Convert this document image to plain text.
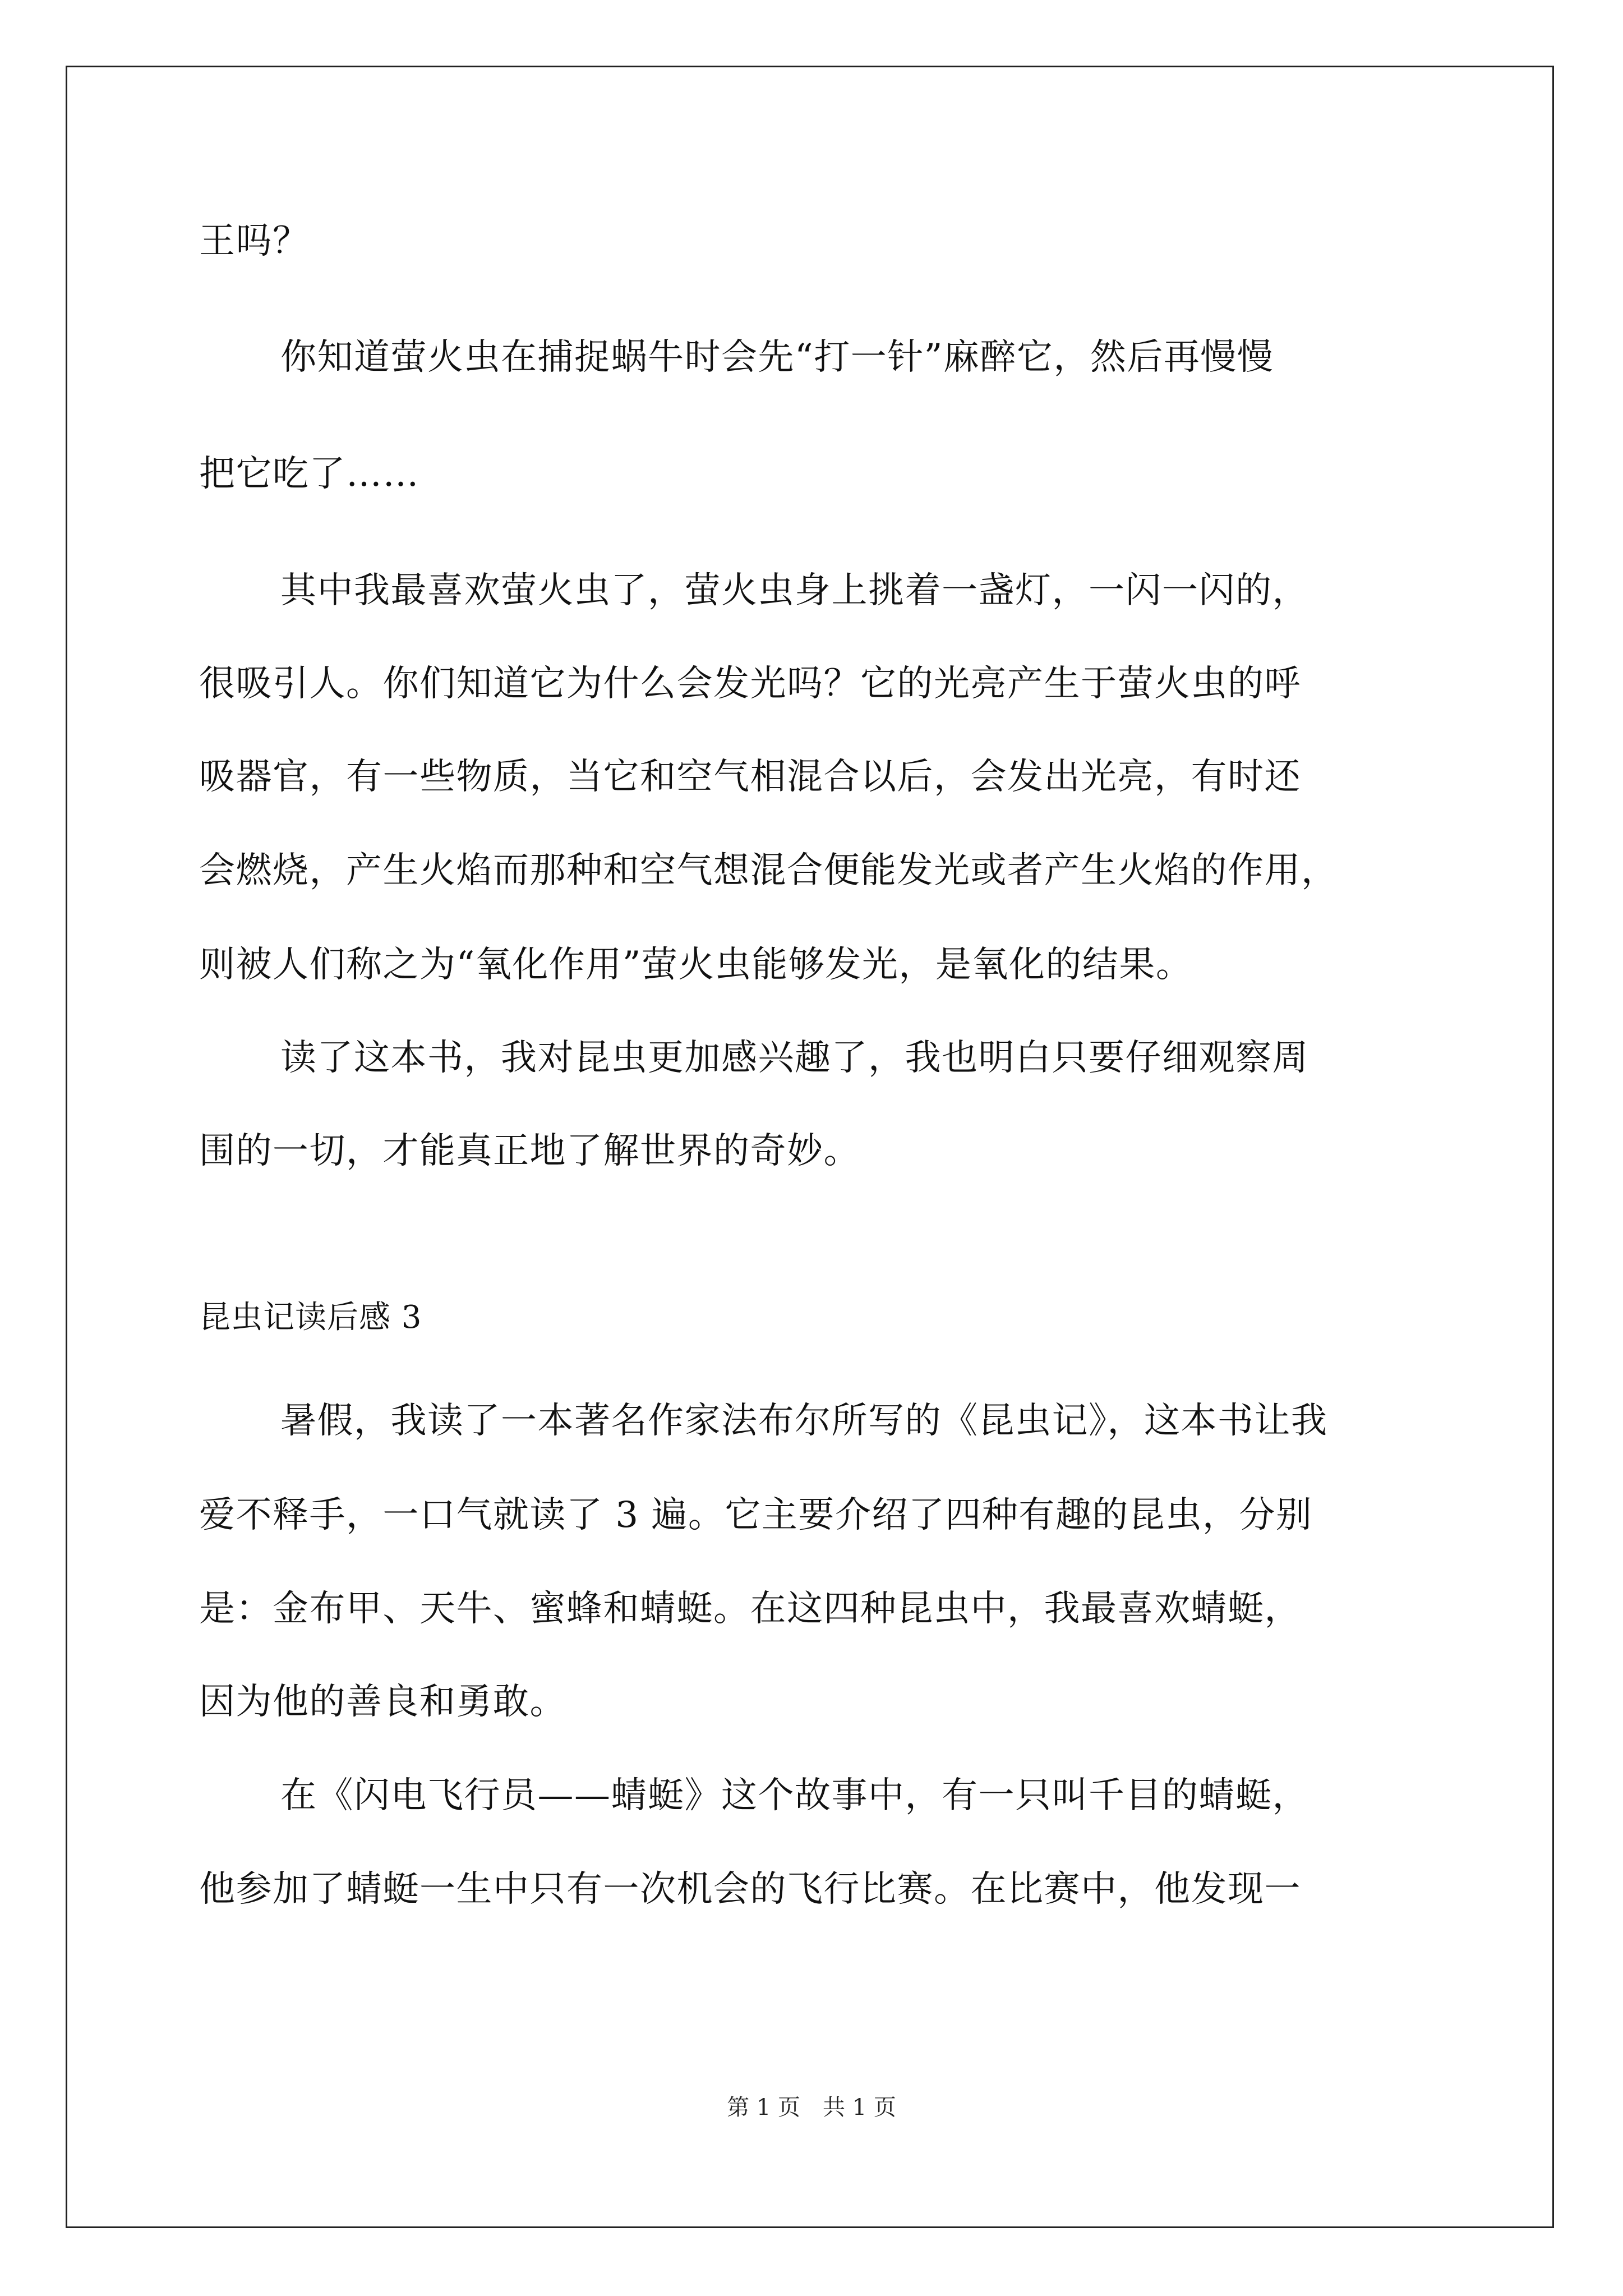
王吗？
你知道萤火虫在捕捉蜗牛时会先“打一针”麻醉它，然后再慢慢
把它吃了……
其中我最喜欢萤火虫了，萤火虫身上挑着一盏灯，一闪一闪的，
很吸引人。你们知道它为什么会发光吗？它的光亮产生于萤火虫的呼
吸器官，有一些物质，当它和空气相混合以后，会发出光亮，有时还
会燃烧，产生火焰而那种和空气想混合便能发光或者产生火焰的作用，
则被人们称之为“氧化作用”萤火虫能够发光，是氧化的结果。
读了这本书，我对昆虫更加感兴趣了，我也明白只要仔细观察周
围的一切，才能真正地了解世界的奇妙。
昆虫记读后感 3
暑假，我读了一本著名作家法布尔所写的《昆虫记》，这本书让我
爱不释手，一口气就读了 3 遍。它主要介绍了四种有趣的昆虫，分别
是：金布甲、天牛、蜜蜂和蜻蜓。在这四种昆虫中，我最喜欢蜻蜓，
因为他的善良和勇敢。
在《闪电飞行员——蜻蜓》这个故事中，有一只叫千目的蜻蜓，
他参加了蜻蜓一生中只有一次机会的飞行比赛。在比赛中，他发现一
第 1 页　共 1 页
